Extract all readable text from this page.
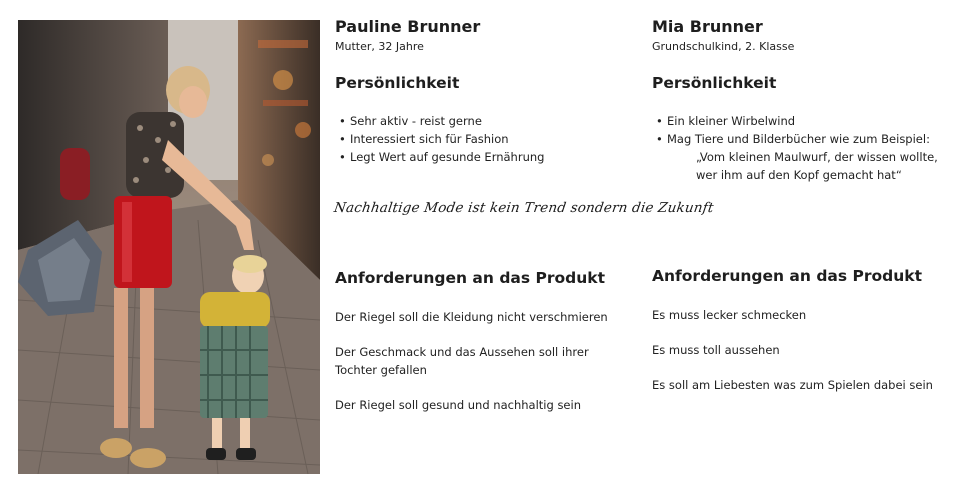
Pauline Brunner

Mutter, 32 Jahre

Persönlichkeit
• Sehr aktiv - reist gerne
• Interessiert sich für Fashion
• Legt Wert auf gesunde Ernährung
Anforderungen an das Produkt

Der Riegel soll die Kleidung nicht verschmieren

Der Geschmack und das Aussehen soll ihrer Tochter gefallen

Der Riegel soll gesund und nachhaltig sein

Nachhaltige Mode ist kein Trend sondern die Zukunft
Mia Brunner

Grundschulkind, 2. Klasse

Persönlichkeit
• Ein kleiner Wirbelwind
• Mag Tiere und Bilderbücher wie zum Beispiel:
„Vom kleinen Maulwurf, der wissen wollte, wer ihm auf den Kopf gemacht hat“
Anforderungen an das Produkt

Es muss lecker schmecken

Es muss toll aussehen

Es soll am Liebesten was zum Spielen dabei sein
